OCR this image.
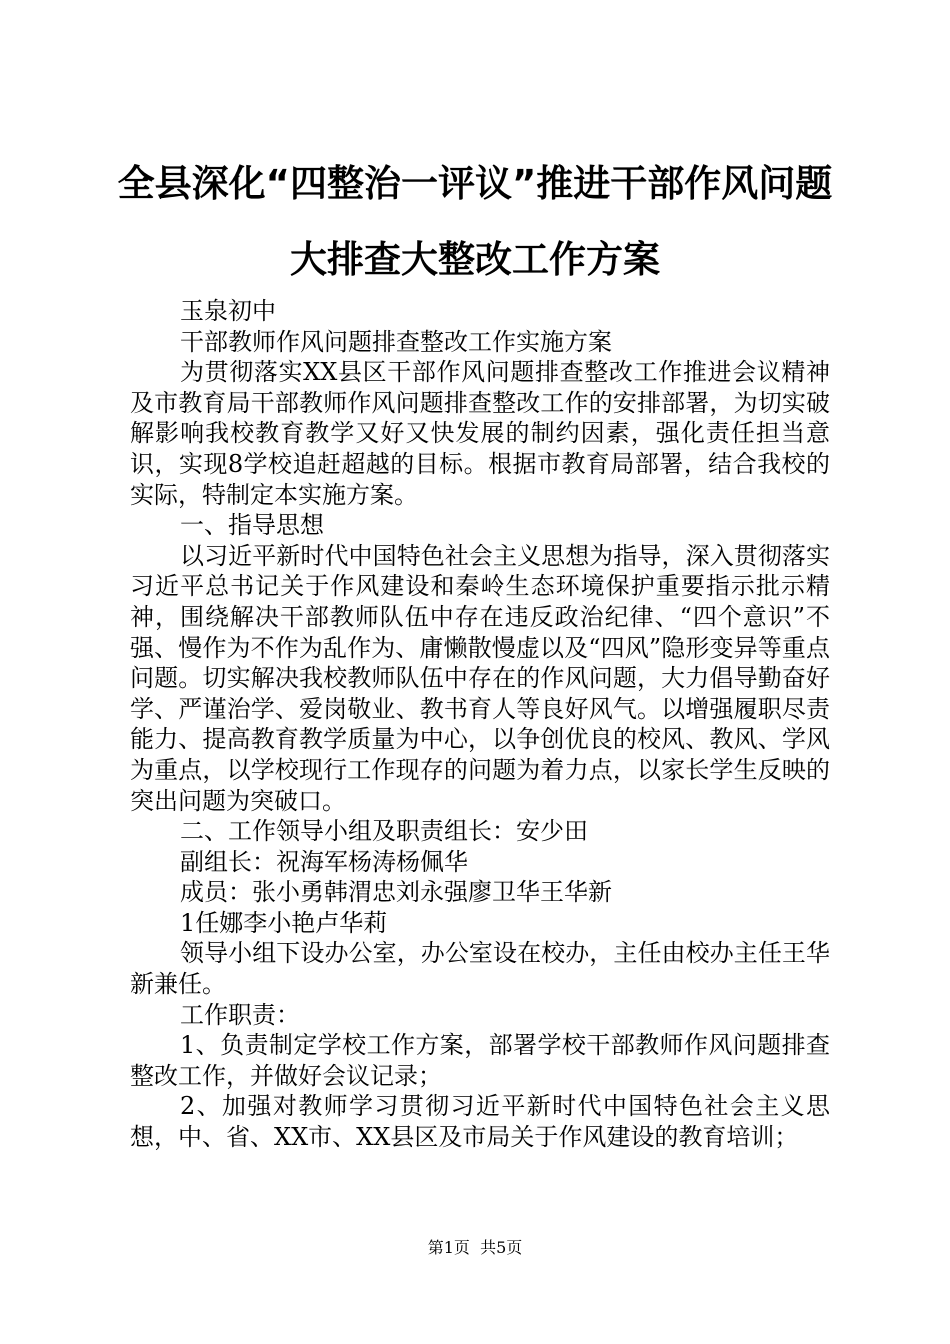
全县深化“四整治一评议”推进干部作风问题
大排查大整改工作方案

玉泉初中

干部教师作风问题排查整改工作实施方案

为贯彻落实XX县区干部作风问题排查整改工作推进会议精神及市教育局干部教师作风问题排查整改工作的安排部署，为切实破解影响我校教育教学又好又快发展的制约因素，强化责任担当意识，实现8学校追赶超越的目标。根据市教育局部署，结合我校的实际，特制定本实施方案。

一、指导思想

以习近平新时代中国特色社会主义思想为指导，深入贯彻落实习近平总书记关于作风建设和秦岭生态环境保护重要指示批示精神，围绕解决干部教师队伍中存在违反政治纪律、“四个意识”不强、慢作为不作为乱作为、庸懒散慢虚以及“四风”隐形变异等重点问题。切实解决我校教师队伍中存在的作风问题，大力倡导勤奋好学、严谨治学、爱岗敬业、教书育人等良好风气。以增强履职尽责能力、提高教育教学质量为中心，以争创优良的校风、教风、学风为重点，以学校现行工作现存的问题为着力点，以家长学生反映的突出问题为突破口。

二、工作领导小组及职责组长：安少田

副组长：祝海军杨涛杨佩华

成员：张小勇韩渭忠刘永强廖卫华王华新

1任娜李小艳卢华莉

领导小组下设办公室，办公室设在校办，主任由校办主任王华新兼任。

工作职责：

1、负责制定学校工作方案，部署学校干部教师作风问题排查整改工作，并做好会议记录；

2、加强对教师学习贯彻习近平新时代中国特色社会主义思想，中、省、XX市、XX县区及市局关于作风建设的教育培训；

第1页  共5页
